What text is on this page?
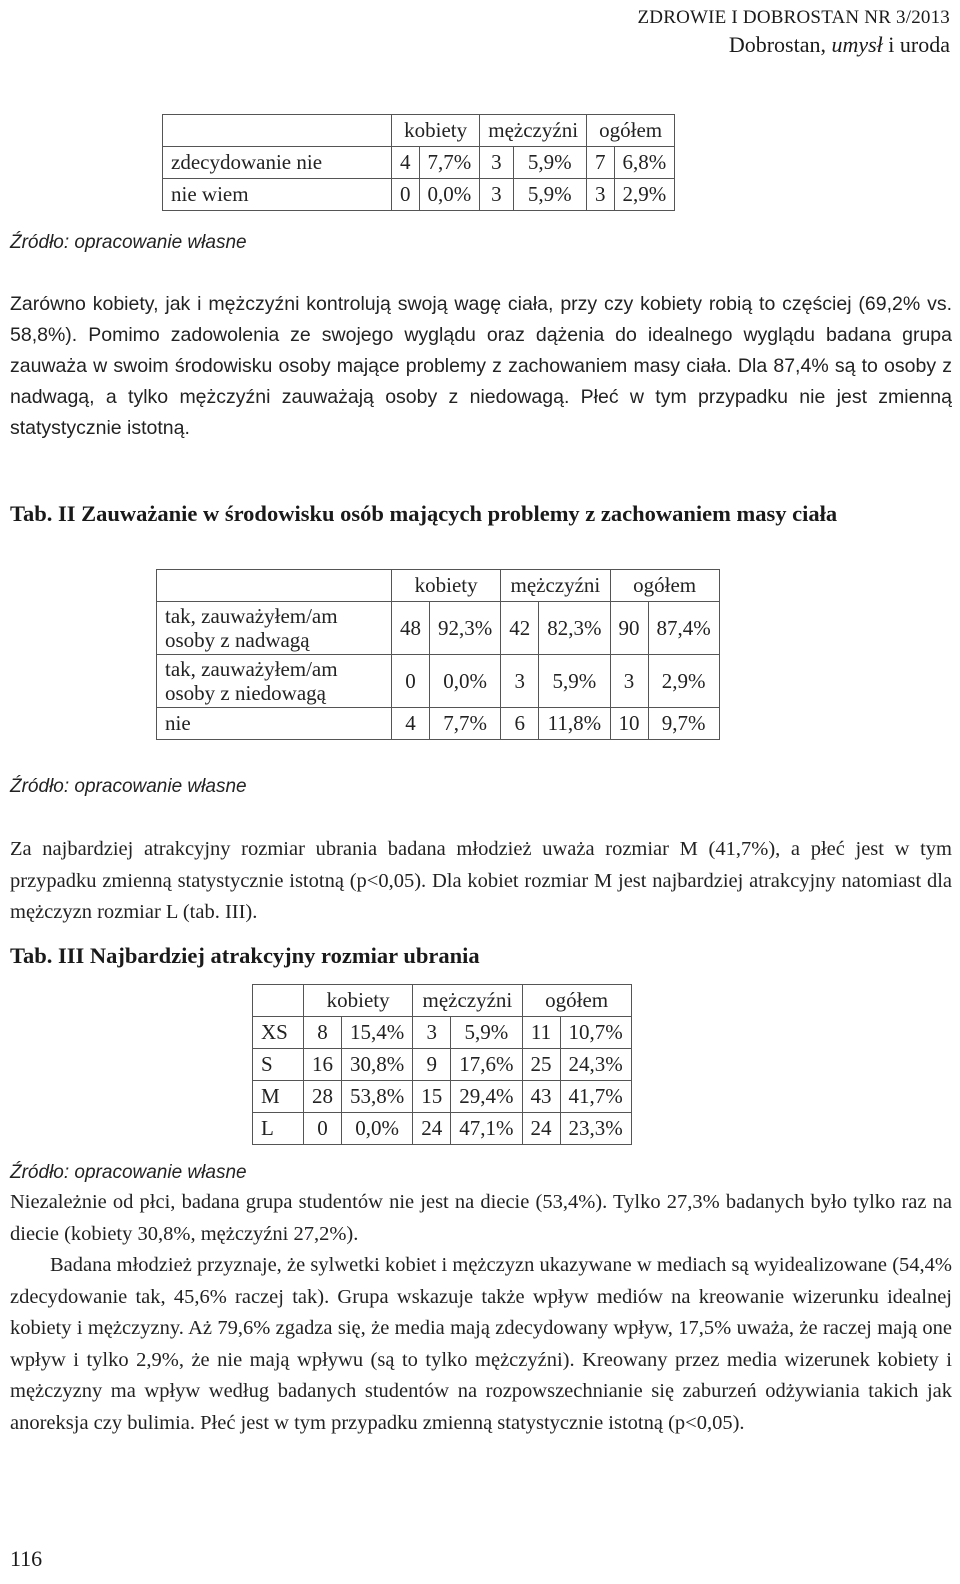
ZDROWIE I DOBROSTAN NR 3/2013
Dobrostan, umysł i uroda
	kobiety		mężczyźni		ogółem	
zdecydowanie nie	4	7,7%	3	5,9%	7	6,8%
nie wiem	0	0,0%	3	5,9%	3	2,9%
Źródło: opracowanie własne
Zarówno kobiety, jak i mężczyźni kontrolują swoją wagę ciała, przy czy kobiety robią to częściej (69,2% vs. 58,8%). Pomimo zadowolenia ze swojego wyglądu oraz dążenia do idealnego wyglądu badana grupa zauważa w swoim środowisku osoby mające problemy z zachowaniem masy ciała. Dla 87,4% są to osoby z nadwagą, a tylko mężczyźni zauważają osoby z niedowagą. Płeć w tym przypadku nie jest zmienną statystycznie istotną.
Tab. II Zauważanie w środowisku osób mających problemy z zachowaniem masy ciała
	kobiety		mężczyźni		ogółem	
tak, zauważyłem/am osoby z nadwagą	48	92,3%	42	82,3%	90	87,4%
tak, zauważyłem/am osoby z niedowagą	0	0,0%	3	5,9%	3	2,9%
nie	4	7,7%	6	11,8%	10	9,7%
Źródło: opracowanie własne
Za najbardziej atrakcyjny rozmiar ubrania badana młodzież uważa rozmiar M (41,7%), a płeć jest w tym przypadku zmienną statystycznie istotną (p<0,05). Dla kobiet rozmiar M jest najbardziej atrakcyjny natomiast dla mężczyzn rozmiar L (tab. III).
Tab. III Najbardziej atrakcyjny rozmiar ubrania
	kobiety		mężczyźni		ogółem	
XS	8	15,4%	3	5,9%	11	10,7%
S	16	30,8%	9	17,6%	25	24,3%
M	28	53,8%	15	29,4%	43	41,7%
L	0	0,0%	24	47,1%	24	23,3%
Źródło: opracowanie własne
Niezależnie od płci, badana grupa studentów nie jest na diecie (53,4%). Tylko 27,3% badanych było tylko raz na diecie (kobiety 30,8%, mężczyźni 27,2%).
Badana młodzież przyznaje, że sylwetki kobiet i mężczyzn ukazywane w mediach są wyidealizowane (54,4% zdecydowanie tak, 45,6% raczej tak). Grupa wskazuje także wpływ mediów na kreowanie wizerunku idealnej kobiety i mężczyzny. Aż 79,6% zgadza się, że media mają zdecydowany wpływ, 17,5% uważa, że raczej mają one wpływ i tylko 2,9%, że nie mają wpływu (są to tylko mężczyźni). Kreowany przez media wizerunek kobiety i mężczyzny ma wpływ według badanych studentów na rozpowszechnianie się zaburzeń odżywiania takich jak anoreksja czy bulimia. Płeć jest w tym przypadku zmienną statystycznie istotną (p<0,05).
116
